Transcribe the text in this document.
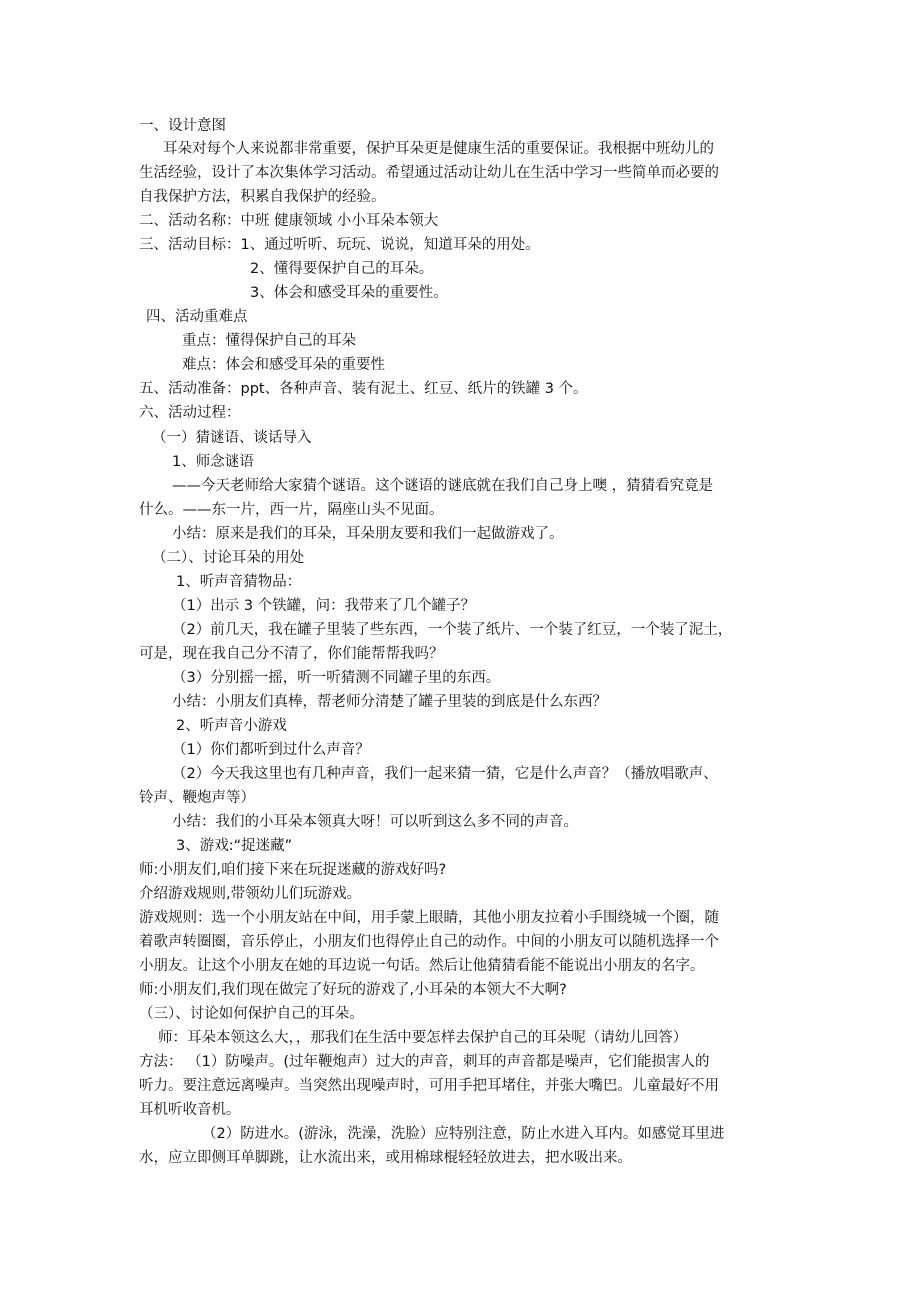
一、设计意图

耳朵对每个人来说都非常重要，保护耳朵更是健康生活的重要保证。我根据中班幼儿的

生活经验，设计了本次集体学习活动。希望通过活动让幼儿在生活中学习一些简单而必要的

自我保护方法，积累自我保护的经验。

二、活动名称：中班 健康领域 小小耳朵本领大

三、活动目标：1、通过听听、玩玩、说说，知道耳朵的用处。

2、懂得要保护自己的耳朵。

3、体会和感受耳朵的重要性。

四、活动重难点

重点：懂得保护自己的耳朵

难点：体会和感受耳朵的重要性

五、活动准备：ppt、各种声音、装有泥土、红豆、纸片的铁罐 3 个。

六、活动过程：

（一）猜谜语、谈话导入

1、师念谜语

——今天老师给大家猜个谜语。这个谜语的谜底就在我们自己身上噢 ，猜猜看究竟是

什么。——东一片，西一片，隔座山头不见面。

小结：原来是我们的耳朵，耳朵朋友要和我们一起做游戏了。

（二）、讨论耳朵的用处

1、听声音猜物品：

（1）出示 3 个铁罐，问：我带来了几个罐子？

（2）前几天，我在罐子里装了些东西，一个装了纸片、一个装了红豆，一个装了泥土，

可是，现在我自己分不清了，你们能帮帮我吗？

（3）分别摇一摇，听一听猜测不同罐子里的东西。

小结：小朋友们真棒，帮老师分清楚了罐子里装的到底是什么东西？

2、听声音小游戏

（1）你们都听到过什么声音？

（2）今天我这里也有几种声音，我们一起来猜一猜，它是什么声音？（播放唱歌声、

铃声、鞭炮声等）

小结：我们的小耳朵本领真大呀！可以听到这么多不同的声音。

3、游戏:“捉迷藏”

师:小朋友们,咱们接下来在玩捉迷藏的游戏好吗?

介绍游戏规则,带领幼儿们玩游戏。

游戏规则：选一个小朋友站在中间，用手蒙上眼睛，其他小朋友拉着小手围绕城一个圈，随

着歌声转圈圈，音乐停止，小朋友们也得停止自己的动作。中间的小朋友可以随机选择一个

小朋友。让这个小朋友在她的耳边说一句话。然后让他猜猜看能不能说出小朋友的名字。

师:小朋友们,我们现在做完了好玩的游戏了,小耳朵的本领大不大啊?

（三）、讨论如何保护自己的耳朵。

师：耳朵本领这么大，，那我们在生活中要怎样去保护自己的耳朵呢（请幼儿回答）

方法： （1）防噪声。(过年鞭炮声）过大的声音，刺耳的声音都是噪声，它们能损害人的

听力。要注意远离噪声。当突然出现噪声时，可用手把耳堵住，并张大嘴巴。儿童最好不用

耳机听收音机。

（2）防进水。(游泳，洗澡，洗脸）应特别注意，防止水进入耳内。如感觉耳里进

水，应立即侧耳单脚跳，让水流出来，或用棉球棍轻轻放进去，把水吸出来。
